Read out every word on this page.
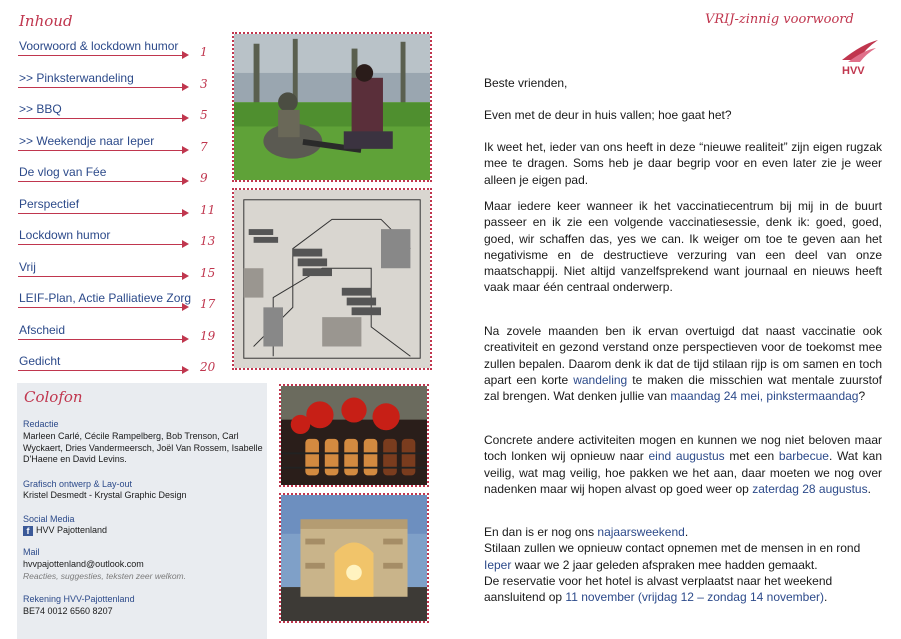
Inhoud
Voorwoord & lockdown humor 1
>> Pinksterwandeling	3
>> BBQ	5
>> Weekendje naar Ieper	7
De vlog van Fée	9
Perspectief	11
Lockdown humor	13
Vrij	15
LEIF-Plan, Actie Palliatieve Zorg 17
Afscheid	19
Gedicht	20
Colofon
Redactie
Marleen Carlé, Cécile Rampelberg, Bob Trenson, Carl Wyckaert, Dries Vandermeersch, Joël Van Rossem, Isabelle D'Haene en David Levins.
Grafisch ontwerp & Lay-out
Kristel Desmedt - Krystal Graphic Design
Social Media
f HVV Pajottenland
Mail
hvvpajottenland@outlook.com
Reacties, suggesties, teksten zeer welkom.
Rekening HVV-Pajottenland
BE74 0012 6560 8207
VRIJ-zinnig voorwoord
HVV
Beste vrienden,
Even met de deur in huis vallen; hoe gaat het?
Ik weet het, ieder van ons heeft in deze “nieuwe realiteit” zijn eigen rugzak mee te dragen. Soms heb je daar begrip voor en even later zie je weer alleen je eigen pad.
Maar iedere keer wanneer ik het vaccinatiecentrum bij mij in de buurt passeer en ik zie een volgende vaccinatiesessie, denk ik: goed, goed, goed, wir schaffen das, yes we can. Ik weiger om toe te geven aan het negativisme en de destructieve verzuring van een deel van onze maatschappij. Niet altijd vanzelfsprekend want journaal en nieuws heeft vaak maar één centraal onderwerp.
Na zovele maanden ben ik ervan overtuigd dat naast vaccinatie ook creativiteit en gezond verstand onze perspectieven voor de toekomst mee zullen bepalen. Daarom denk ik dat de tijd stilaan rijp is om samen en toch apart een korte wandeling te maken die misschien wat mentale zuurstof zal brengen. Wat denken jullie van maandag 24 mei, pinkstermaandag?
Concrete andere activiteiten mogen en kunnen we nog niet beloven maar toch lonken wij opnieuw naar eind augustus met een barbecue. Wat kan veilig, wat mag veilig, hoe pakken we het aan, daar moeten we nog over nadenken maar wij hopen alvast op goed weer op zaterdag 28 augustus.
En dan is er nog ons najaarsweekend.
Stilaan zullen we opnieuw contact opnemen met de mensen in en rond Ieper waar we 2 jaar geleden afspraken mee hadden gemaakt.
De reservatie voor het hotel is alvast verplaatst naar het weekend aansluitend op 11 november (vrijdag 12 – zondag 14 november).
